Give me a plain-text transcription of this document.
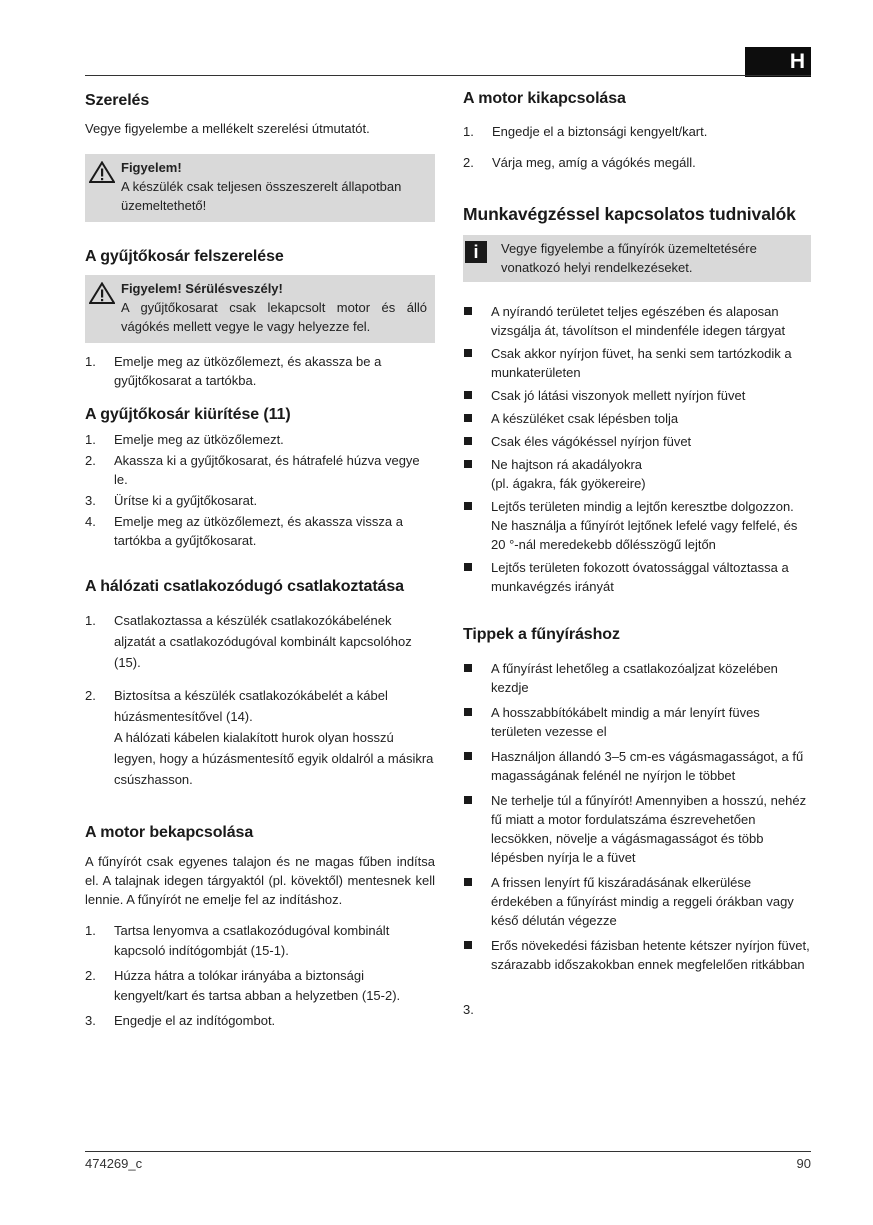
H
Szerelés

Vegye figyelembe a mellékelt szerelési útmutatót.

Figyelem!

A készülék csak teljesen összeszerelt állapotban üzemeltethető!

A gyűjtőkosár felszerelése

Figyelem! Sérülésveszély!

A gyűjtőkosarat csak lekapcsolt motor és álló vágókés mellett vegye le vagy helyezze fel.

1. Emelje meg az ütközőlemezt, és akassza be a gyűjtőkosarat a tartókba.
A gyűjtőkosár kiürítése (11)
1. Emelje meg az ütközőlemezt.
2. Akassza ki a gyűjtőkosarat, és hátrafelé húzva vegye le.
3. Ürítse ki a gyűjtőkosarat.
4. Emelje meg az ütközőlemezt, és akassza vissza a tartókba a gyűjtőkosarat.
A hálózati csatlakozódugó csatlakoztatása
1. Csatlakoztassa a készülék csatlakozókábelének aljzatát a csatlakozódugóval kombinált kapcsolóhoz (15).
2. Biztosítsa a készülék csatlakozókábelét a kábel húzásmentesítővel (14).
A hálózati kábelen kialakított hurok olyan hosszú legyen, hogy a húzásmentesítő egyik oldalról a másikra csúszhasson.
A motor bekapcsolása

A fűnyírót csak egyenes talajon és ne magas fűben indítsa el. A talajnak idegen tárgyaktól (pl. kövektől) mentesnek kell lennie. A fűnyírót ne emelje fel az indításhoz.

1. Tartsa lenyomva a csatlakozódugóval kombinált kapcsoló indítógombját (15-1).
2. Húzza hátra a tolókar irányába a biztonsági kengyelt/kart és tartsa abban a helyzetben (15-2).
3. Engedje el az indítógombot.
A motor kikapcsolása
1. Engedje el a biztonsági kengyelt/kart.
2. Várja meg, amíg a vágókés megáll.
Munkavégzéssel kapcsolatos tudnivalók
i	Vegye figyelembe a fűnyírók üzemeltetésére vonatkozó helyi rendelkezéseket.

A nyírandó területet teljes egészében és alaposan vizsgálja át, távolítson el mindenféle idegen tárgyat
Csak akkor nyírjon füvet, ha senki sem tartózkodik a munkaterületen
Csak jó látási viszonyok mellett nyírjon füvet
A készüléket csak lépésben tolja
Csak éles vágókéssel nyírjon füvet
Ne hajtson rá akadályokra
(pl. ágakra, fák gyökereire)
Lejtős területen mindig a lejtőn keresztbe dolgozzon.
Ne használja a fűnyírót lejtőnek lefelé vagy felfelé, és 20 °-nál meredekebb dőlésszögű lejtőn
Lejtős területen fokozott óvatossággal változtassa a munkavégzés irányát
Tippek a fűnyíráshoz
A fűnyírást lehetőleg a csatlakozóaljzat közelében kezdje
A hosszabbítókábelt mindig a már lenyírt füves területen vezesse el
Használjon állandó 3–5 cm-es vágásmagasságot, a fű magasságának felénél ne nyírjon le többet
Ne terhelje túl a fűnyírót! Amennyiben a hosszú, nehéz fű miatt a motor fordulatszáma észrevehetően lecsökken, növelje a vágásmagasságot és több lépésben nyírja le a füvet
A frissen lenyírt fű kiszáradásának elkerülése érdekében a fűnyírást mindig a reggeli órákban vagy késő délután végezze
Erős növekedési fázisban hetente kétszer nyírjon füvet, szárazabb időszakokban ennek megfelelően ritkábban

3.

474269_c	90
